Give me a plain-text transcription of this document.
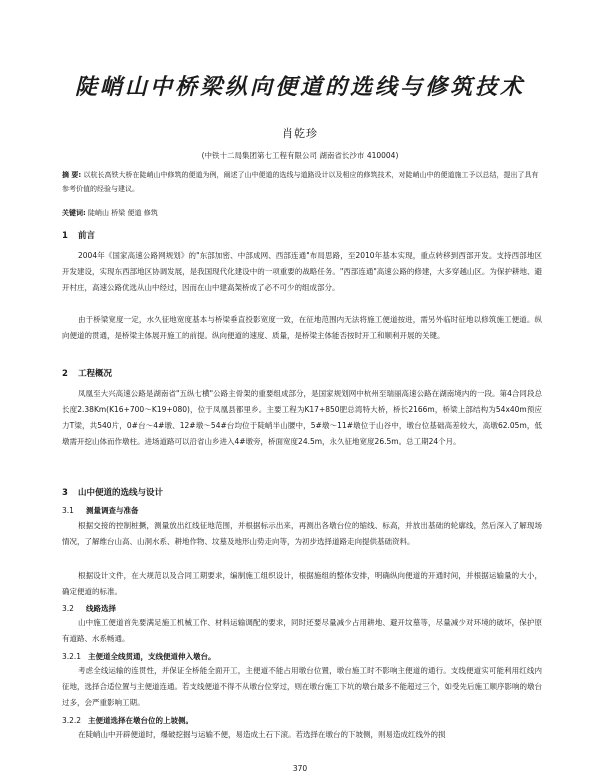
陡峭山中桥梁纵向便道的选线与修筑技术
肖乾珍
(中铁十二局集团第七工程有限公司 湖南省长沙市 410004)
摘 要: 以杭长高铁大桥在陡峭山中修筑的便道为例，阐述了山中便道的选线与道路设计以及相应的修筑技术，对陡峭山中的便道施工予以总结，提出了具有参考价值的经验与建议。
关键词: 陡峭山 桥梁 便道 修筑
1 前言
2004年《国家高速公路网规划》的"东部加密、中部成网、西部连通"布局思路，至2010年基本实现，重点转移到西部开发。支持西部地区开发建设，实现东西部地区协调发展，是我国现代化建设中的一项重要的战略任务。"西部连通"高速公路的修建，大多穿越山区。为保护耕地、避开村庄，高速公路优选从山中经过，因而在山中建高架桥成了必不可少的组成部分。
由于桥梁宽度一定，水久征地宽度基本与桥梁垂直投影宽度一致，在征地范围内无法将施工便道按进，需另外临时征地以修筑施工便道。纵向便道的贯通，是桥梁主体展开施工的前提。纵向便道的速度、质量，是桥梁主体能否按时开工和顺利开展的关键。
2 工程概况
凤凰至大兴高速公路是湖南省"五纵七横"公路主骨架的重要组成部分，是国家规划网中杭州至瑞丽高速公路在湖南境内的一段。第4合同段总长度2.38Km(K16+700～K19+080)，位于凤凰县都里乡。主要工程为K17+850肥总湾特大桥，桥长2166m，桥梁上部结构为54x40m预应力T梁，共540片，0#台～4#墩、12#墩～54#台均位于陡峭半山腰中，5#墩～11#墩位于山谷中，墩台位基础高差较大，高墩62.05m，低墩需开挖山体而作墩柱。进场道路可以沿省山乡进入4#墩旁，桥面宽度24.5m，永久征地宽度26.5m。总工期24个月。
3 山中便道的选线与设计
3.1 测量调查与准备
根据交接的控制桩撅，测量放出红线征地范围，并根据标示出来，再测出各墩台位的缩线、标高，并放出基础的轮廓线，然后深入了解现场情况，了解维台山高、山洞水系、耕地作物、坟墓及地形山势走向等，为初步选择道路走向提供基础资料。
根据设计文件，在大规范以及合同工期要求，编制施工组织设计，根据施组的整体安排，明确纵向便道的开通时间，并根据运输量的大小，确定便道的标准。
3.2 线路选择
山中施工便道首先要满足施工机械工作、材料运输调配的要求，同时还要尽量减少占用耕地、避开坟墓等，尽量减少对环境的破坏，保护原有道路、水系畅通。
3.2.1 主便道全线贯通，支线便道伸入墩台。
考虑全线运输的连贯性，并保证全桥能全面开工，主便道不能占用墩台位置，墩台施工时不影响主便道的通行。支线便道实可能利用红线内征地，选择合适位置与主便道连通。若支线便道不得不从墩台位穿过，则在墩台施工下坑的墩台最多不能超过三个，如受先后施工顺序影响的墩台过多，会严重影响工期。
3.2.2 主便道选择在墩台位的上坡侧。
在陡峭山中开辟便道时，爆破挖掘与运输不便，易造成土石下滚。若选择在墩台的下坡侧，则易造成红线外的损
370
